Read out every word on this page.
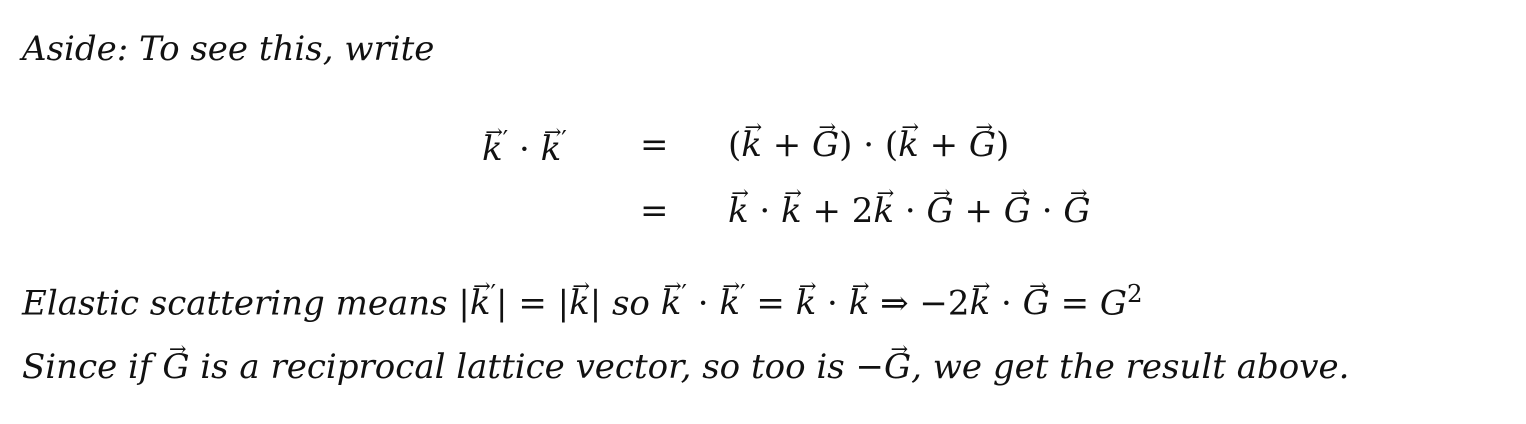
Aside: To see this, write
→ k′ · → k′ = (→ k + → G) · (→ k + → G)
= → k · → k + 2→ k · → G + → G · → G
Elastic scattering means |→ k′| = |→ k| so → k′ · → k′ = → k · → k ⇒ −2→ k · → $G = G^2$
Since if → G is a reciprocal lattice vector, so too is −→ G, we get the result above.
